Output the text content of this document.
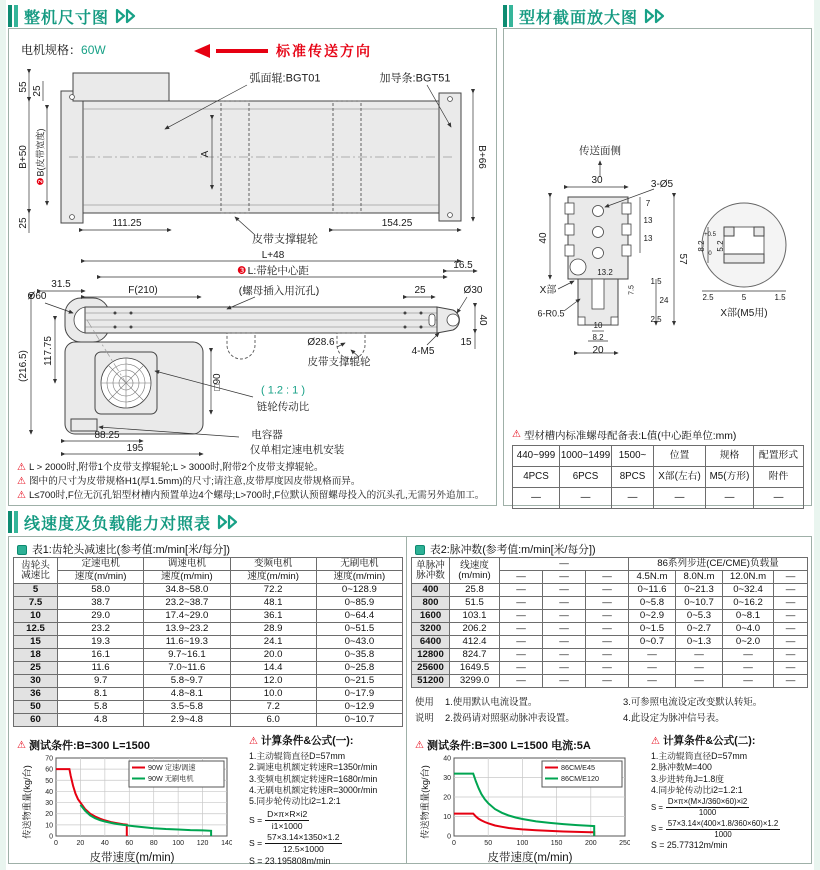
整机尺寸图	型材截面放大图
电机规格：60W	标准传送方向
55 25
B+50
❷B(皮带宽度)
25	111.25	154.25
B+66
A
弧面辊:BGT01	加导条:BGT51
皮带支撑辊轮
L+48
❸L:带轮中心距
31.5
16.5
Ø60
F(210)	(螺母插入用沉孔)	25	Ø30
40
15
4-M5
Ø28.6
皮带支撑辊轮
117.75
(216.5)
□90	( 1.2 : 1 )
链轮传动比
88.25
195
电容器
仅单相定速电机安装
⚠ L > 2000时,附带1个皮带支撑辊轮;L > 3000时,附带2个皮带支撑辊轮。
⚠ 图中的尺寸为皮带规格H1(厚1.5mm)的尺寸;请注意,皮带厚度因皮带规格而异。
⚠ L≤700时,F位无沉孔铝型材槽内预置单边4个螺母;L>700时,F位默认预留螺母投入的沉头孔,无需另外追加工。
传送面侧
30	3-Ø5
40
7
13
13
13.2
57
1.5
24
7.5
2.5
X部
6-R0.5
10
8.2
20
8.2
+0.5
0
5.2
2.5	5	1.5
X部(M5用)
⚠ 型材槽内标准螺母配备表:L值(中心距单位:mm)
440~999	1000~1499	1500~	位置	规格	配置形式
4PCS	6PCS	8PCS	X部(左右)	M5(方形)	附件
—	—	—	—	—	—
线速度及负载能力对照表
表1:齿轮头减速比(参考值:m/min[米/每分])
齿轮头
减速比	定速电机	调速电机	变频电机	无刷电机
	速度(m/min)	速度(m/min)	速度(m/min)	速度(m/min)
5	58.0	34.8~58.0	72.2	0~128.9
7.5	38.7	23.2~38.7	48.1	0~85.9
10	29.0	17.4~29.0	36.1	0~64.4
12.5	23.2	13.9~23.2	28.9	0~51.5
15	19.3	11.6~19.3	24.1	0~43.0
18	16.1	9.7~16.1	20.0	0~35.8
25	11.6	7.0~11.6	14.4	0~25.8
30	9.7	5.8~9.7	12.0	0~21.5
36	8.1	4.8~8.1	10.0	0~17.9
50	5.8	3.5~5.8	7.2	0~12.9
60	4.8	2.9~4.8	6.0	0~10.7
⚠ 测试条件:B=300 L=1500
传送物重量(kg/台)
0	20 40 60 80 100 120 140
0
10
20
30
40
50
60
70
90W 定速/调速
90W 无刷电机
皮带速度(m/min)
⚠ 计算条件&公式(一):
1.主动辊筒直径D=57mm
2.调速电机额定转速R=1350r/min
3.变频电机额定转速R=1680r/min
4.无刷电机额定转速R=3000r/min
5.同步轮传动比i2=1.2:1
$S = \frac{D\times\pi\times R\times i2}{i1\times 1000}$
$S = \frac{57\times 3.14\times 1350\times 1.2}{12.5\times 1000}$
S = 23.195808m/min
表2:脉冲数(参考值:m/min[米/每分])
单脉冲
脉冲数	线速度
(m/min)	—			86系列步进(CE/CME)负载量			
		—	—	—	4.5N.m	8.0N.m	12.0N.m	—
400	25.8	—	—	—	0~11.6	0~21.3	0~32.4	—
800	51.5	—	—	—	0~5.8	0~10.7	0~16.2	—
1600	103.1	—	—	—	0~2.9	0~5.3	0~8.1	—
3200	206.2	—	—	—	0~1.5	0~2.7	0~4.0	—
6400	412.4	—	—	—	0~0.7	0~1.3	0~2.0	—
12800	824.7	—	—	—	—	—	—	—
25600	1649.5	—	—	—	—	—	—	—
51200	3299.0	—	—	—	—	—	—	—
使用	1.使用默认电流设置。	3.可参照电流设定改变默认转矩。
说明	2.拨码请对照驱动脉冲表设置。	4.此设定为脉冲信号表。
⚠ 测试条件:B=300 L=1500 电流:5A
传送物重量(kg/台)
0	50	100	150	200	250
0
10
20
30
40
86CM/E45
86CM/E120
皮带速度(m/min)
⚠ 计算条件&公式(二):
1.主动辊筒直径D=57mm
2.脉冲数M=400
3.步进转角J=1.8度
4.同步轮传动比i2=1.2:1
$S = \frac{D\times\pi\times(M\times J/360\times 60)\times i2}{1000}$
$S = \frac{57\times 3.14\times(400\times 1.8/360\times 60)\times 1.2}{1000}$
S = 25.77312m/min
